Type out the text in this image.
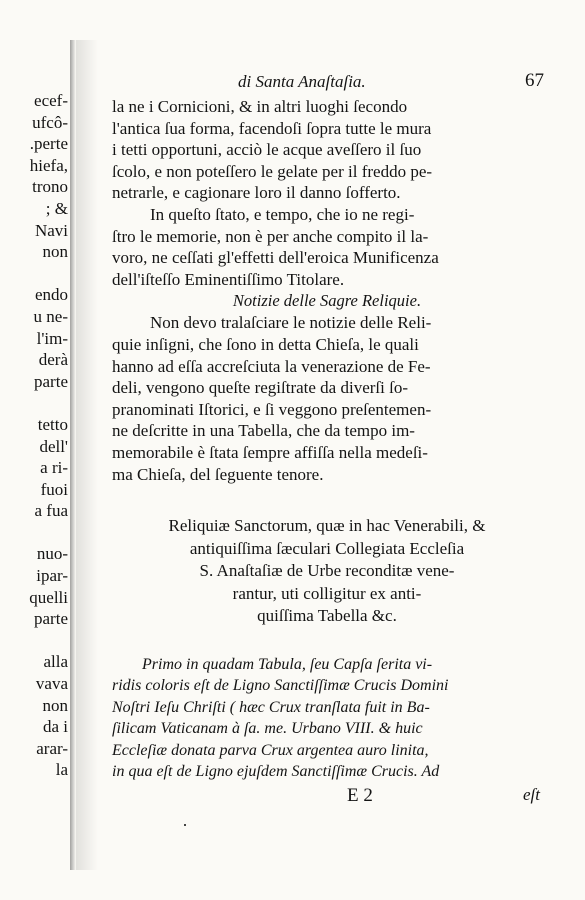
ecef-
ufcô-
.perte
hiefa,
trono
; &
Navi
non
endo
u ne-
l'im-
derà
parte
tetto
dell'
a ri-
fuoi
a fua
nuo-
ipar-
quelli
parte
alla
vava
non
da i
arar-
la
di Santa Anaſtaſia.	67
la ne i Cornicioni, & in altri luoghi ſecondo
l'antica ſua forma, facendoſi ſopra tutte le mura
i tetti opportuni, acciò le acque aveſſero il ſuo
ſcolo, e non poteſſero le gelate per il freddo pe-
netrarle, e cagionare loro il danno ſofferto.
In queſto ſtato, e tempo, che io ne regi-
ſtro le memorie, non è per anche compito il la-
voro, ne ceſſati gl'effetti dell'eroica Munificenza
dell'iſteſſo Eminentiſſimo Titolare.

Notizie delle Sagre Reliquie.

Non devo tralaſciare le notizie delle Reli-
quie inſigni, che ſono in detta Chieſa, le quali
hanno ad eſſa accreſciuta la venerazione de Fe-
deli, vengono queſte regiſtrate da diverſi ſo-
pranominati Iſtorici, e ſi veggono preſentemen-
ne deſcritte in una Tabella, che da tempo im-
memorabile è ſtata ſempre affiſſa nella medeſi-
ma Chieſa, del ſeguente tenore.
Reliquiæ Sanctorum, quæ in hac Venerabili, &
antiquiſſima ſæculari Collegiata Eccleſia
S. Anaſtaſiæ de Urbe reconditæ vene-
rantur, uti colligitur ex anti-
quiſſima Tabella &c.
Primo in quadam Tabula, ſeu Capſa ſerita vi-
ridis coloris eſt de Ligno Sanctiſſimæ Crucis Domini
Noſtri Ieſu Chriſti ( hæc Crux tranſlata fuit in Ba-
ſilicam Vaticanam à ſa. me. Urbano VIII. & huic
Eccleſiæ donata parva Crux argentea auro linita,
in qua eſt de Ligno ejuſdem Sanctiſſimæ Crucis. Ad
E 2	eſt
